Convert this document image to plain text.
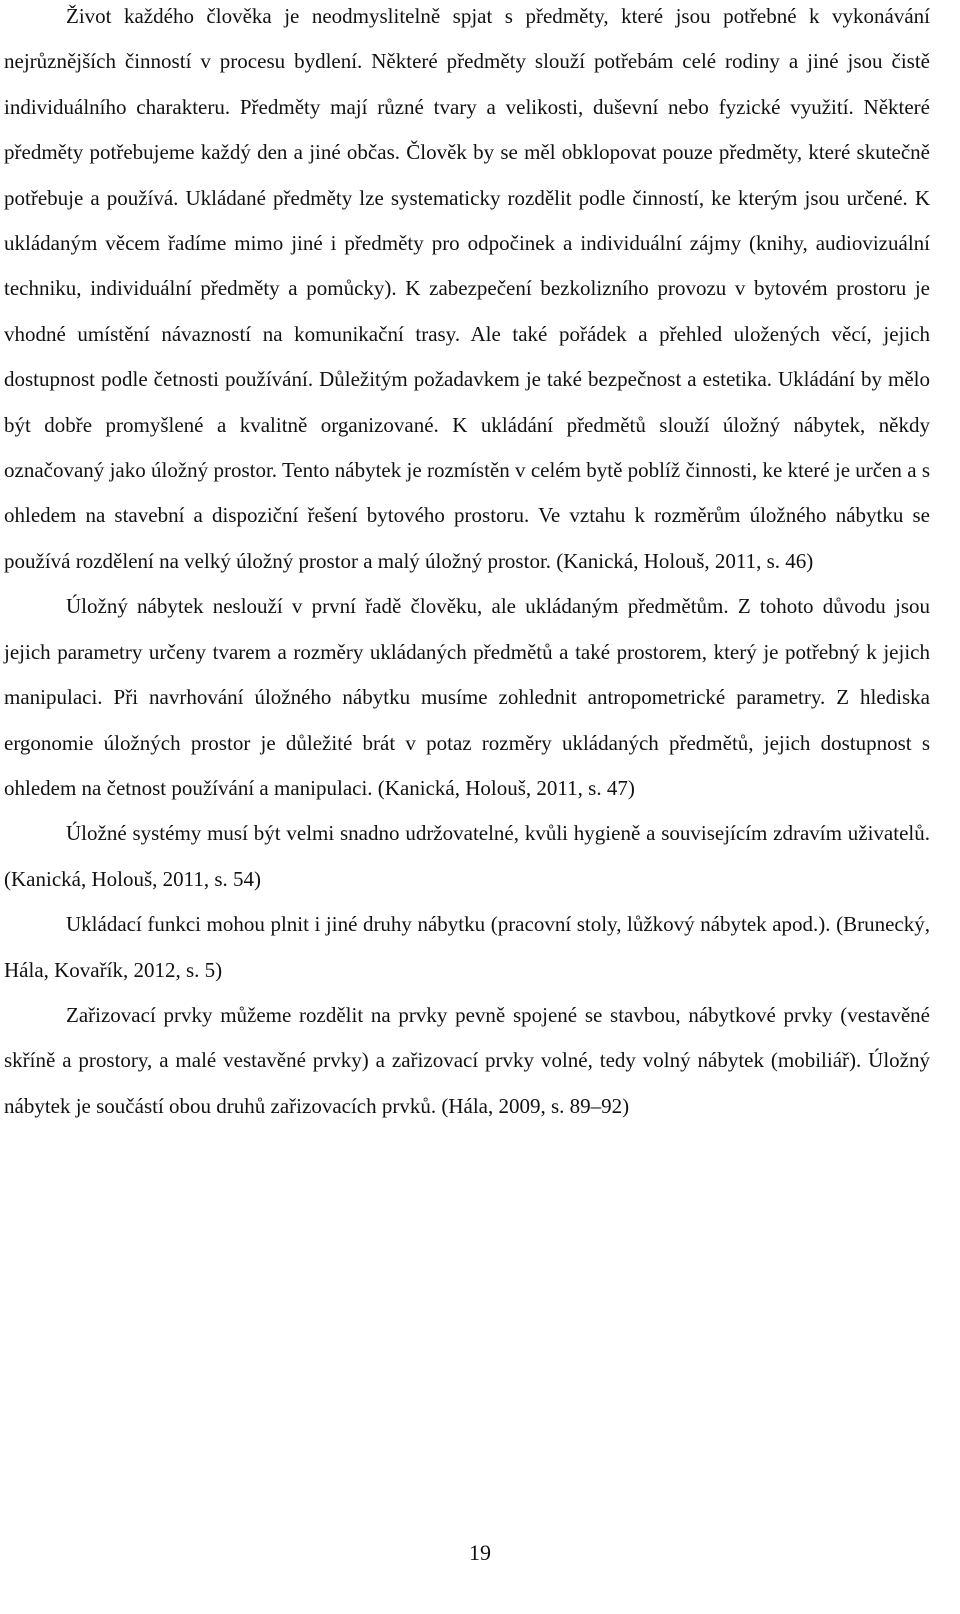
Život každého člověka je neodmyslitelně spjat s předměty, které jsou potřebné k vykonávání nejrůznějších činností v procesu bydlení. Některé předměty slouží potřebám celé rodiny a jiné jsou čistě individuálního charakteru. Předměty mají různé tvary a velikosti, duševní nebo fyzické využití. Některé předměty potřebujeme každý den a jiné občas. Člověk by se měl obklopovat pouze předměty, které skutečně potřebuje a používá. Ukládané předměty lze systematicky rozdělit podle činností, ke kterým jsou určené. K ukládaným věcem řadíme mimo jiné i předměty pro odpočinek a individuální zájmy (knihy, audiovizuální techniku, individuální předměty a pomůcky). K zabezpečení bezkolizního provozu v bytovém prostoru je vhodné umístění návazností na komunikační trasy. Ale také pořádek a přehled uložených věcí, jejich dostupnost podle četnosti používání. Důležitým požadavkem je také bezpečnost a estetika. Ukládání by mělo být dobře promyšlené a kvalitně organizované. K ukládání předmětů slouží úložný nábytek, někdy označovaný jako úložný prostor. Tento nábytek je rozmístěn v celém bytě poblíž činnosti, ke které je určen a s ohledem na stavební a dispoziční řešení bytového prostoru. Ve vztahu k rozměrům úložného nábytku se používá rozdělení na velký úložný prostor a malý úložný prostor. (Kanická, Holouš, 2011, s. 46)

Úložný nábytek neslouží v první řadě člověku, ale ukládaným předmětům. Z tohoto důvodu jsou jejich parametry určeny tvarem a rozměry ukládaných předmětů a také prostorem, který je potřebný k jejich manipulaci. Při navrhování úložného nábytku musíme zohlednit antropometrické parametry. Z hlediska ergonomie úložných prostor je důležité brát v potaz rozměry ukládaných předmětů, jejich dostupnost s ohledem na četnost používání a manipulaci. (Kanická, Holouš, 2011, s. 47)

Úložné systémy musí být velmi snadno udržovatelné, kvůli hygieně a souvisejícím zdravím uživatelů. (Kanická, Holouš, 2011, s. 54)

Ukládací funkci mohou plnit i jiné druhy nábytku (pracovní stoly, lůžkový nábytek apod.). (Brunecký, Hála, Kovařík, 2012, s. 5)

Zařizovací prvky můžeme rozdělit na prvky pevně spojené se stavbou, nábytkové prvky (vestavěné skříně a prostory, a malé vestavěné prvky) a zařizovací prvky volné, tedy volný nábytek (mobiliář). Úložný nábytek je součástí obou druhů zařizovacích prvků. (Hála, 2009, s. 89–92)

19
